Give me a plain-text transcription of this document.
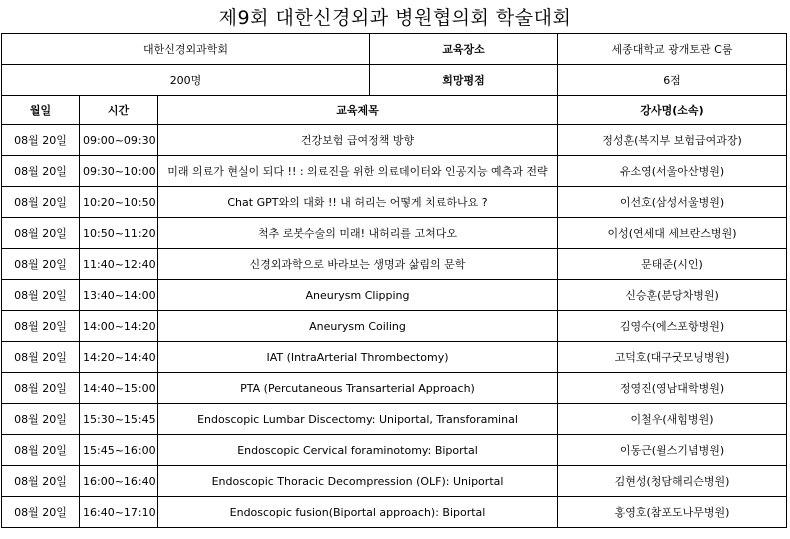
제9회 대한신경외과 병원협의회 학술대회
대한신경외과학회			교육장소	세종대학교 광개토관 C룸
200명			희망평점	6점
월일	시간	교육제목		강사명(소속)
08월 20일	09:00~09:30	건강보험 급여정책 방향		정성훈(복지부 보험급여과장)
08월 20일	09:30~10:00	미래 의료가 현실이 되다 !! : 의료진을 위한 의료데이터와 인공지능 예측과 전략		유소영(서울아산병원)
08월 20일	10:20~10:50	Chat GPT와의 대화 !! 내 허리는 어떻게 치료하나요 ?		이선호(삼성서울병원)
08월 20일	10:50~11:20	척추 로봇수술의 미래! 내허리를 고쳐다오		이성(연세대 세브란스병원)
08월 20일	11:40~12:40	신경외과학으로 바라보는 생명과 삶림의 문학		문태준(시인)
08월 20일	13:40~14:00	Aneurysm Clipping		신승훈(분당차병원)
08월 20일	14:00~14:20	Aneurysm Coiling		김영수(에스포항병원)
08월 20일	14:20~14:40	IAT (IntraArterial Thrombectomy)		고덕호(대구굿모닝병원)
08월 20일	14:40~15:00	PTA (Percutaneous Transarterial Approach)		정영진(영남대학병원)
08월 20일	15:30~15:45	Endoscopic Lumbar Discectomy: Uniportal, Transforaminal		이철우(새힘병원)
08월 20일	15:45~16:00	Endoscopic Cervical foraminotomy: Biportal		이동근(윌스기념병원)
08월 20일	16:00~16:40	Endoscopic Thoracic Decompression (OLF): Uniportal		김현성(청담해리슨병원)
08월 20일	16:40~17:10	Endoscopic fusion(Biportal approach): Biportal		홍영호(참포도나무병원)
